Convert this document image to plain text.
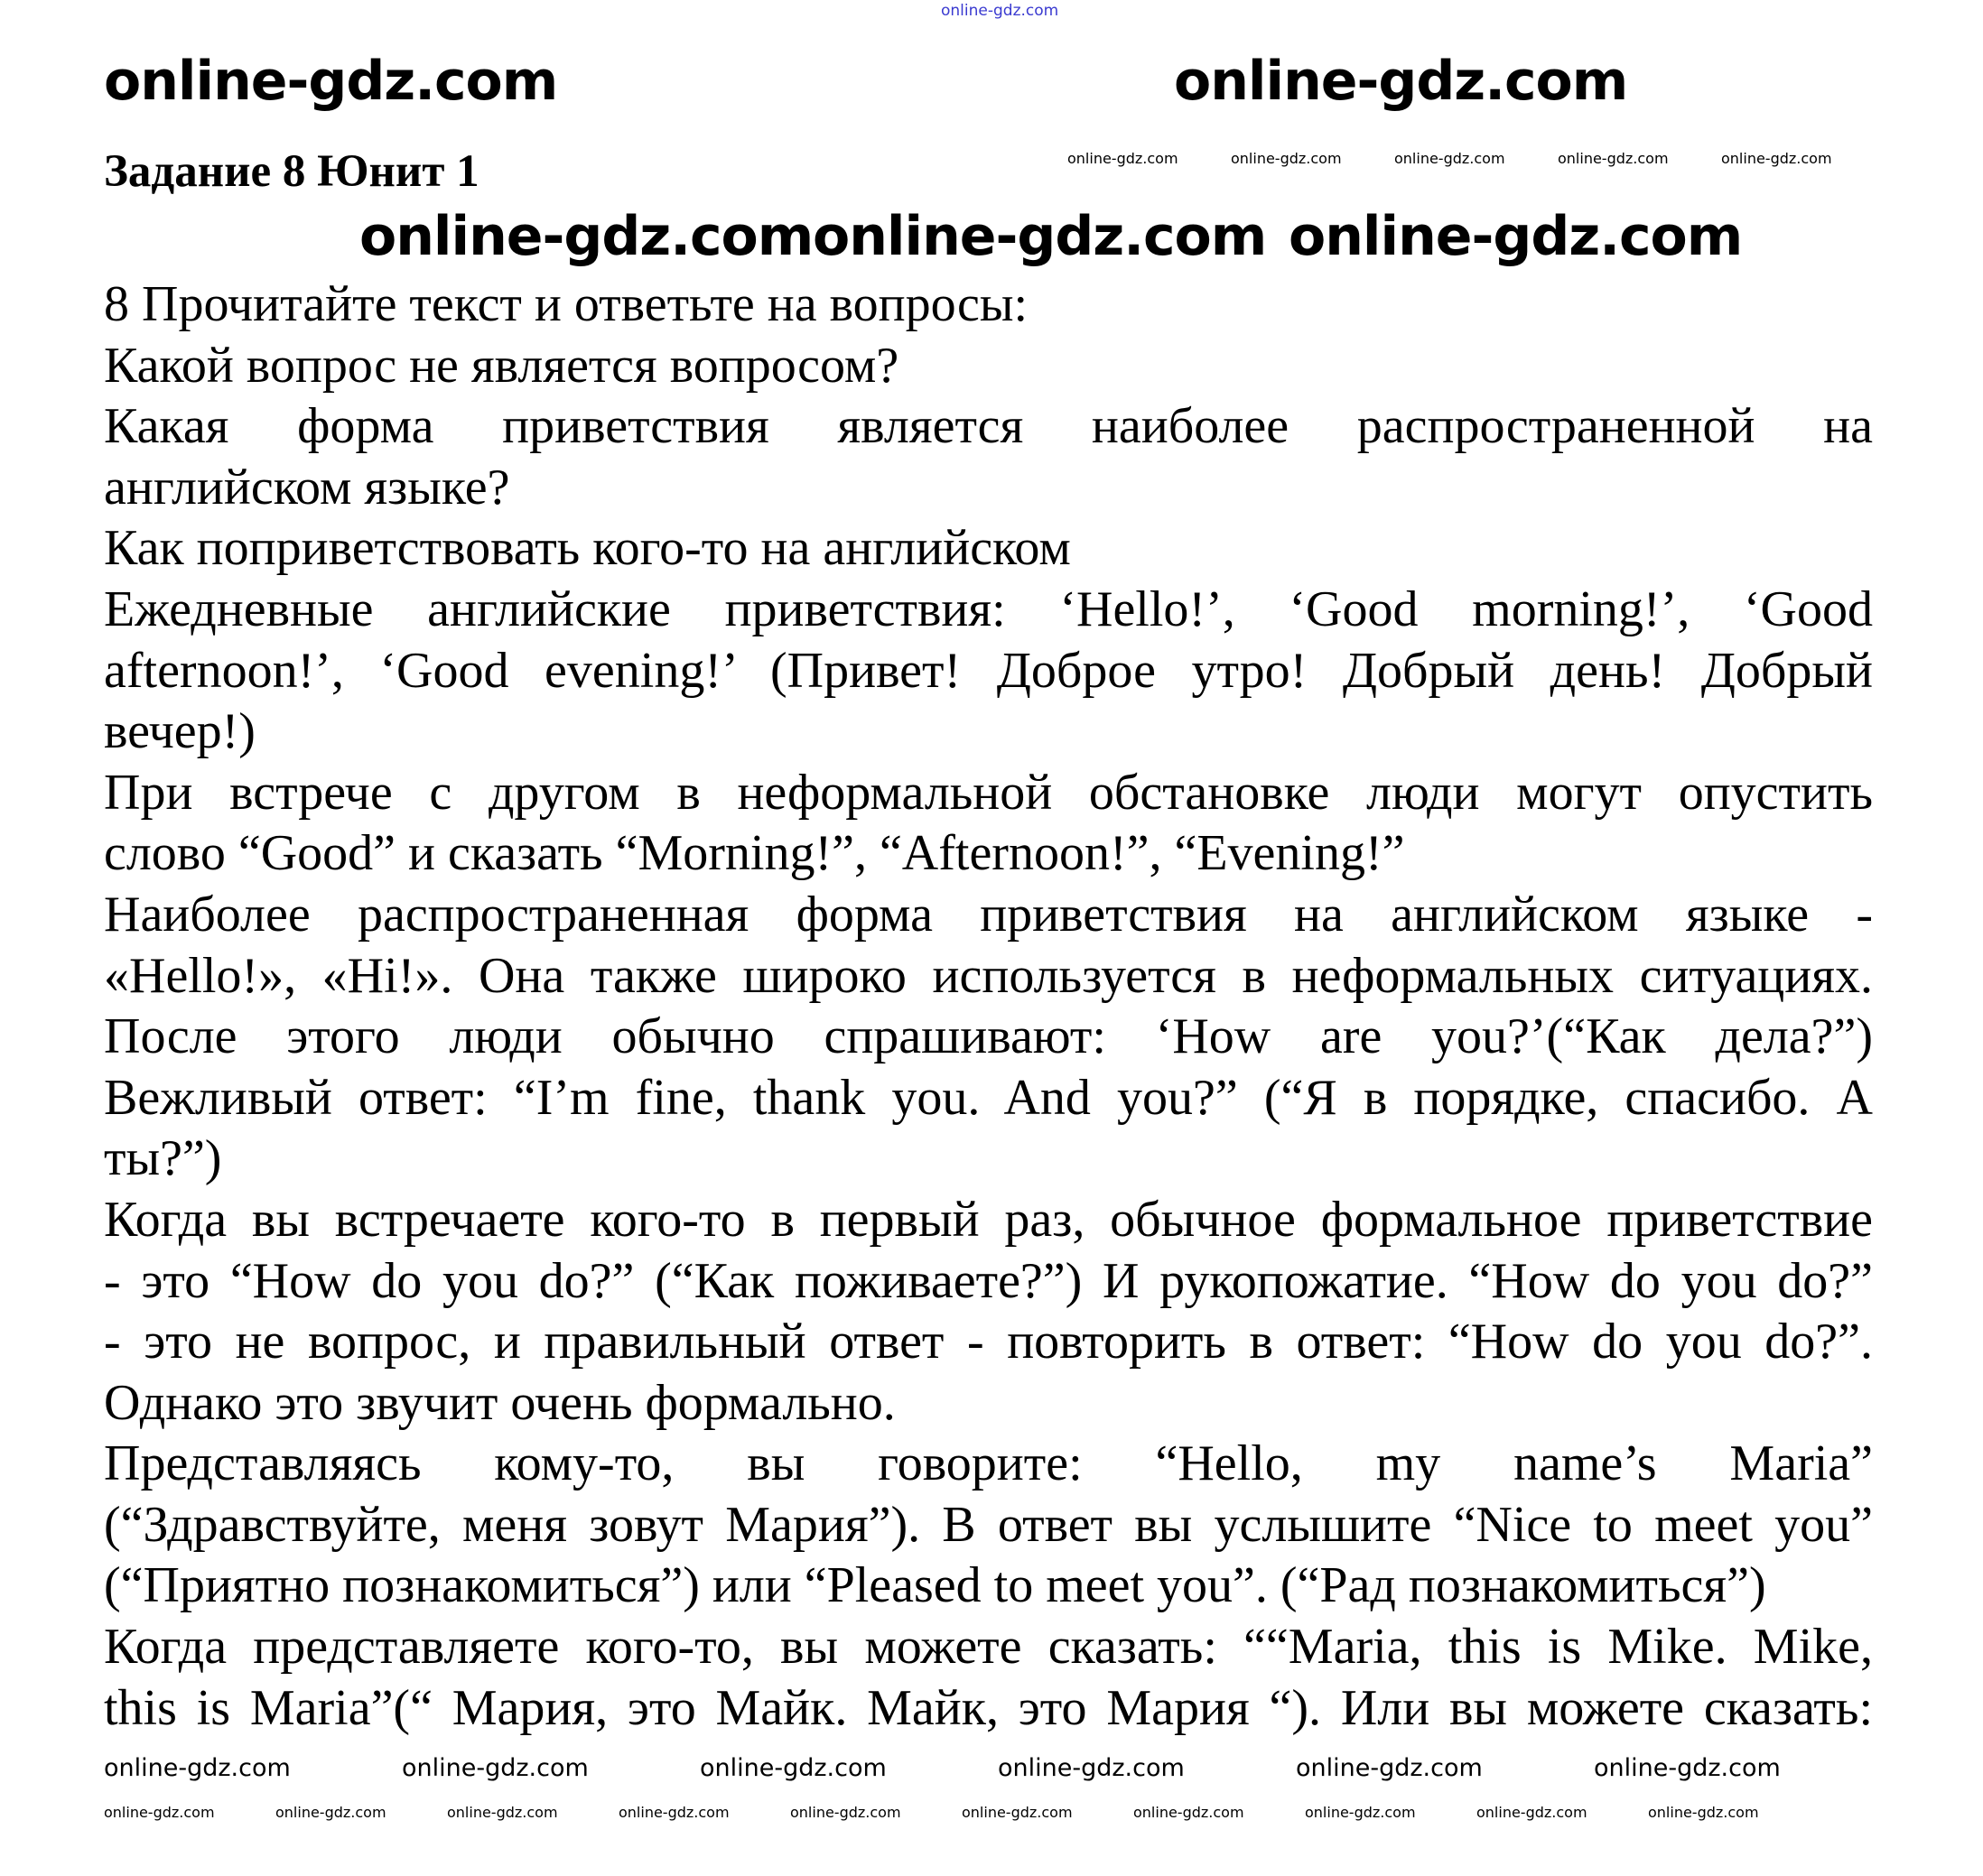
Задание 8 Юнит 1
8 Прочитайте текст и ответьте на вопросы:
Какой вопрос не является вопросом?
Какая форма приветствия является наиболее распространенной на
английском языке?
Как поприветствовать кого-то на английском
Ежедневные английские приветствия: ‘Hello!’, ‘Good morning!’, ‘Good
afternoon!’, ‘Good evening!’ (Привет! Доброе утро! Добрый день! Добрый
вечер!)
При встрече с другом в неформальной обстановке люди могут опустить
слово “Good” и сказать “Morning!”, “Afternoon!”, “Evening!”
Наиболее распространенная форма приветствия на английском языке -
«Hello!», «Hi!». Она также широко используется в неформальных ситуациях.
После этого люди обычно спрашивают: ‘How are you?’(“Как дела?”)
Вежливый ответ: “I’m fine, thank you. And you?” (“Я в порядке, спасибо. А
ты?”)
Когда вы встречаете кого-то в первый раз, обычное формальное приветствие
- это “How do you do?” (“Как поживаете?”) И рукопожатие. “How do you do?”
- это не вопрос, и правильный ответ - повторить в ответ: “How do you do?”.
Однако это звучит очень формально.
Представляясь кому-то, вы говорите: “Hello, my name’s Maria”
(“Здравствуйте, меня зовут Мария”). В ответ вы услышите “Nice to meet you”
(“Приятно познакомиться”) или “Pleased to meet you”. (“Рад познакомиться”)
Когда представляете кого-то, вы можете сказать: ““Maria, this is Mike. Mike,
this is Maria”(“ Мария, это Майк. Майк, это Мария “). Или вы можете сказать:
online-gdz.com
online-gdz.com	online-gdz.com	online-gdz.com	online-gdz.com	online-gdz.com
online-gdz.com
online-gdz.com online-gdz.com online-gdz.com
online-gdz.com
online-gdz.com	online-gdz.com	online-gdz.com	online-gdz.com	online-gdz.com	online-gdz.com
online-gdz.com	online-gdz.com	online-gdz.com	online-gdz.com	online-gdz.com	online-gdz.com	online-gdz.com	online-gdz.com	online-gdz.com	online-gdz.com
